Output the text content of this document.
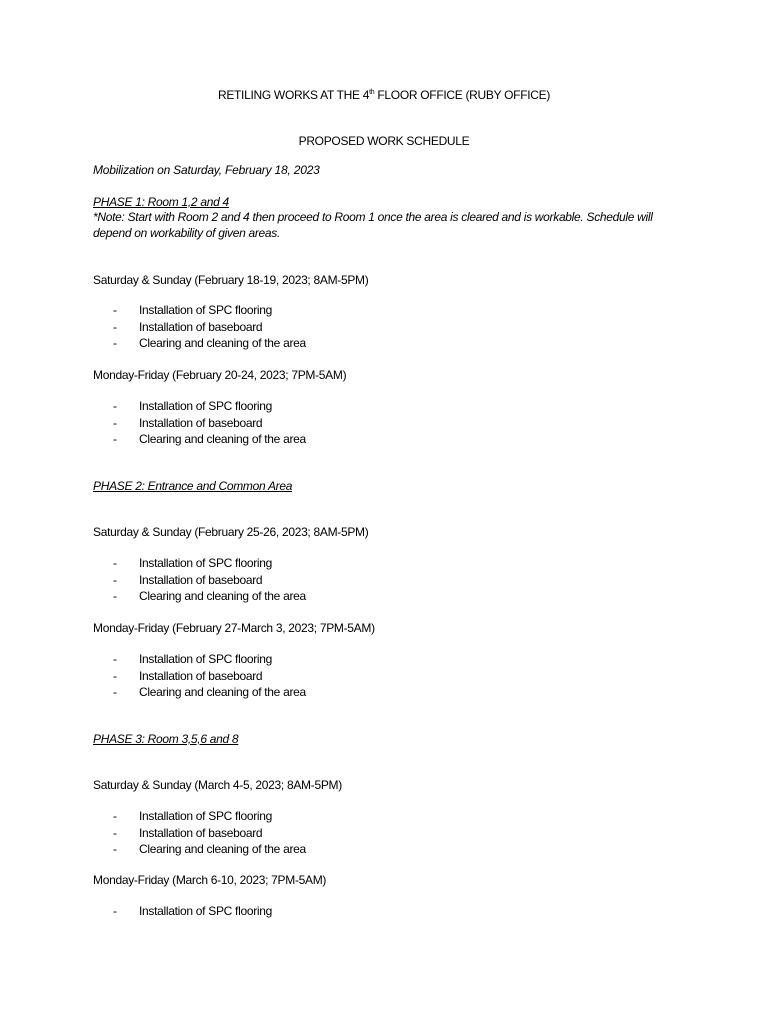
RETILING WORKS AT THE 4th FLOOR OFFICE (RUBY OFFICE)
PROPOSED WORK SCHEDULE
Mobilization on Saturday, February 18, 2023
PHASE 1: Room 1,2 and 4
*Note: Start with Room 2 and 4 then proceed to Room 1 once the area is cleared and is workable. Schedule will depend on workability of given areas.
Saturday & Sunday (February 18-19, 2023; 8AM-5PM)
- Installation of SPC flooring
- Installation of baseboard
- Clearing and cleaning of the area
Monday-Friday (February 20-24, 2023; 7PM-5AM)
- Installation of SPC flooring
- Installation of baseboard
- Clearing and cleaning of the area
PHASE 2: Entrance and Common Area
Saturday & Sunday (February 25-26, 2023; 8AM-5PM)
- Installation of SPC flooring
- Installation of baseboard
- Clearing and cleaning of the area
Monday-Friday (February 27-March 3, 2023; 7PM-5AM)
- Installation of SPC flooring
- Installation of baseboard
- Clearing and cleaning of the area
PHASE 3: Room 3,5,6 and 8
Saturday & Sunday (March 4-5, 2023; 8AM-5PM)
- Installation of SPC flooring
- Installation of baseboard
- Clearing and cleaning of the area
Monday-Friday (March 6-10, 2023; 7PM-5AM)
- Installation of SPC flooring
